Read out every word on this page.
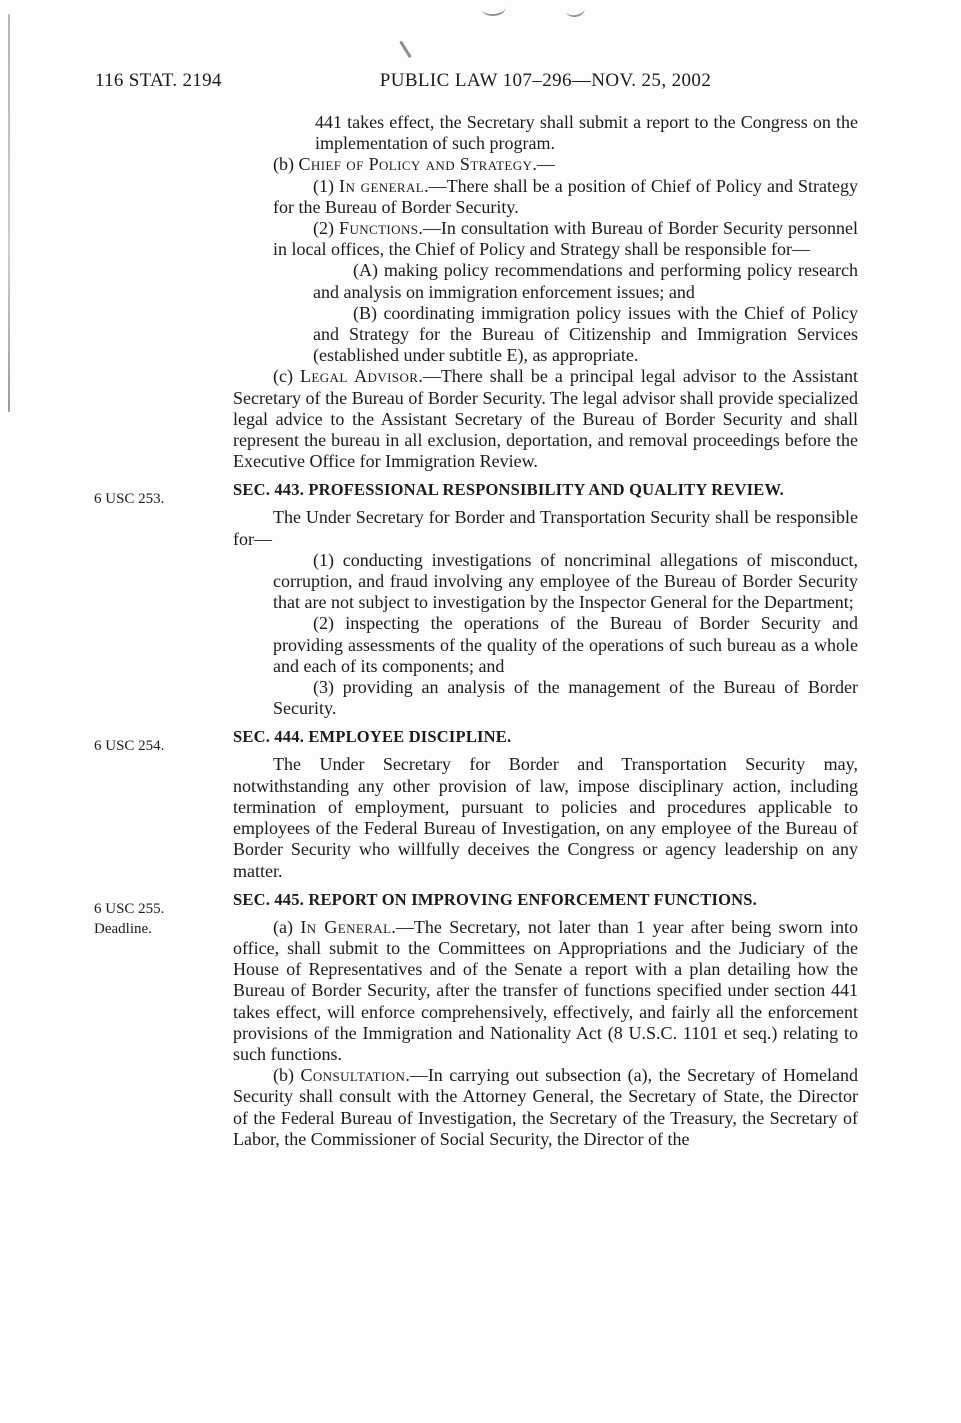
116 STAT. 2194	PUBLIC LAW 107–296—NOV. 25, 2002

441 takes effect, the Secretary shall submit a report to the Congress on the implementation of such program.

(b) Chief of Policy and Strategy.—

(1) In general.—There shall be a position of Chief of Policy and Strategy for the Bureau of Border Security.

(2) Functions.—In consultation with Bureau of Border Security personnel in local offices, the Chief of Policy and Strategy shall be responsible for—

(A) making policy recommendations and performing policy research and analysis on immigration enforcement issues; and

(B) coordinating immigration policy issues with the Chief of Policy and Strategy for the Bureau of Citizenship and Immigration Services (established under subtitle E), as appropriate.

(c) Legal Advisor.—There shall be a principal legal advisor to the Assistant Secretary of the Bureau of Border Security. The legal advisor shall provide specialized legal advice to the Assistant Secretary of the Bureau of Border Security and shall represent the bureau in all exclusion, deportation, and removal proceedings before the Executive Office for Immigration Review.

6 USC 253.	SEC. 443. PROFESSIONAL RESPONSIBILITY AND QUALITY REVIEW.

The Under Secretary for Border and Transportation Security shall be responsible for—

(1) conducting investigations of noncriminal allegations of misconduct, corruption, and fraud involving any employee of the Bureau of Border Security that are not subject to investigation by the Inspector General for the Department;

(2) inspecting the operations of the Bureau of Border Security and providing assessments of the quality of the operations of such bureau as a whole and each of its components; and

(3) providing an analysis of the management of the Bureau of Border Security.

6 USC 254.	SEC. 444. EMPLOYEE DISCIPLINE.

The Under Secretary for Border and Transportation Security may, notwithstanding any other provision of law, impose disciplinary action, including termination of employment, pursuant to policies and procedures applicable to employees of the Federal Bureau of Investigation, on any employee of the Bureau of Border Security who willfully deceives the Congress or agency leadership on any matter.

6 USC 255.	SEC. 445. REPORT ON IMPROVING ENFORCEMENT FUNCTIONS.
Deadline.	(a) In General.—The Secretary, not later than 1 year after being sworn into office, shall submit to the Committees on Appropriations and the Judiciary of the House of Representatives and of the Senate a report with a plan detailing how the Bureau of Border Security, after the transfer of functions specified under section 441 takes effect, will enforce comprehensively, effectively, and fairly all the enforcement provisions of the Immigration and Nationality Act (8 U.S.C. 1101 et seq.) relating to such functions.

(b) Consultation.—In carrying out subsection (a), the Secretary of Homeland Security shall consult with the Attorney General, the Secretary of State, the Director of the Federal Bureau of Investigation, the Secretary of the Treasury, the Secretary of Labor, the Commissioner of Social Security, the Director of the
